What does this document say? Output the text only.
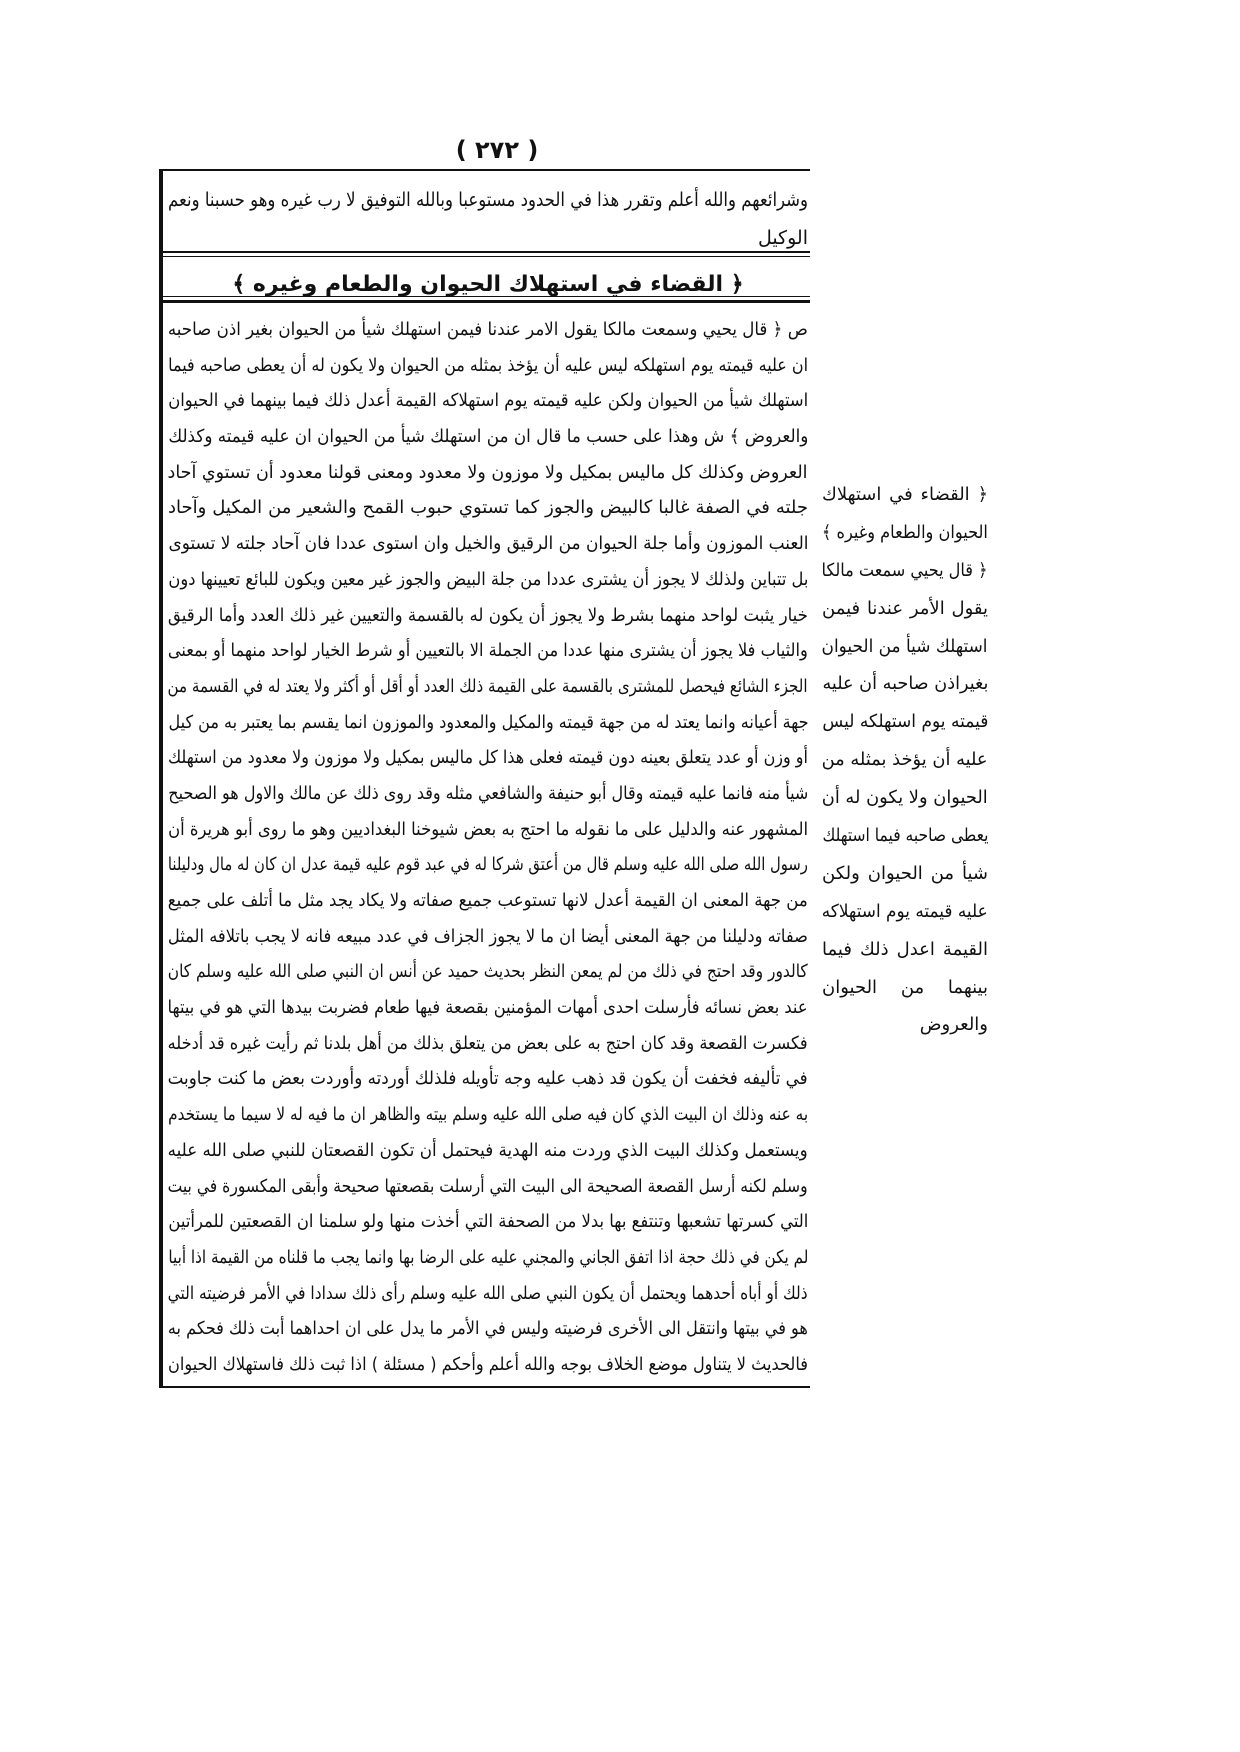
( ٢٧٢ )
وشرائعهم والله أعلم وتقرر هذا في الحدود مستوعبا وبالله التوفيق لا رب غيره وهو حسبنا ونعم
الوكيل
﴿ القضاء في استهلاك الحيوان والطعام وغيره ﴾
ص ﴿ قال يحيي وسمعت مالكا يقول الامر عندنا فيمن استهلك شيأ من الحيوان بغير اذن صاحبه
ان عليه قيمته يوم استهلكه ليس عليه أن يؤخذ بمثله من الحيوان ولا يكون له أن يعطى صاحبه فيما
استهلك شيأ من الحيوان ولكن عليه قيمته يوم استهلاكه القيمة أعدل ذلك فيما بينهما في الحيوان
والعروض ﴾ ش وهذا على حسب ما قال ان من استهلك شيأ من الحيوان ان عليه قيمته وكذلك
العروض وكذلك كل ماليس بمكيل ولا موزون ولا معدود ومعنى قولنا معدود أن تستوي آحاد
جلته في الصفة غالبا كالبيض والجوز كما تستوي حبوب القمح والشعير من المكيل وآحاد
العنب الموزون وأما جلة الحيوان من الرقيق والخيل وان استوى عددا فان آحاد جلته لا تستوى
بل تتباين ولذلك لا يجوز أن يشترى عددا من جلة البيض والجوز غير معين ويكون للبائع تعيينها دون
خيار يثبت لواحد منهما بشرط ولا يجوز أن يكون له بالقسمة والتعيين غير ذلك العدد وأما الرقيق
والثياب فلا يجوز أن يشترى منها عددا من الجملة الا بالتعيين أو شرط الخيار لواحد منهما أو بمعنى
الجزء الشائع فيحصل للمشترى بالقسمة على القيمة ذلك العدد أو أقل أو أكثر ولا يعتد له في القسمة من
جهة أعيانه وانما يعتد له من جهة قيمته والمكيل والمعدود والموزون انما يقسم بما يعتبر به من كيل
أو وزن أو عدد يتعلق بعينه دون قيمته فعلى هذا كل ماليس بمكيل ولا موزون ولا معدود من استهلك
شيأ منه فانما عليه قيمته وقال أبو حنيفة والشافعي مثله وقد روى ذلك عن مالك والاول هو الصحيح
المشهور عنه والدليل على ما نقوله ما احتج به بعض شيوخنا البغداديين وهو ما روى أبو هريرة أن
رسول الله صلى الله عليه وسلم قال من أعتق شركا له في عبد قوم عليه قيمة عدل ان كان له مال ودليلنا
من جهة المعنى ان القيمة أعدل لانها تستوعب جميع صفاته ولا يكاد يجد مثل ما أتلف على جميع
صفاته ودليلنا من جهة المعنى أيضا ان ما لا يجوز الجزاف في عدد مبيعه فانه لا يجب باتلافه المثل
كالدور وقد احتج في ذلك من لم يمعن النظر بحديث حميد عن أنس ان النبي صلى الله عليه وسلم كان
عند بعض نسائه فأرسلت احدى أمهات المؤمنين بقصعة فيها طعام فضربت بيدها التي هو في بيتها
فكسرت القصعة وقد كان احتج به على بعض من يتعلق بذلك من أهل بلدنا ثم رأيت غيره قد أدخله
في تأليفه فخفت أن يكون قد ذهب عليه وجه تأويله فلذلك أوردته وأوردت بعض ما كنت جاوبت
به عنه وذلك ان البيت الذي كان فيه صلى الله عليه وسلم بيته والظاهر ان ما فيه له لا سيما ما يستخدم
ويستعمل وكذلك البيت الذي وردت منه الهدية فيحتمل أن تكون القصعتان للنبي صلى الله عليه
وسلم لكنه أرسل القصعة الصحيحة الى البيت التي أرسلت بقصعتها صحيحة وأبقى المكسورة في بيت
التي كسرتها تشعبها وتنتفع بها بدلا من الصحفة التي أخذت منها ولو سلمنا ان القصعتين للمرأتين
لم يكن في ذلك حجة اذا اتفق الجاني والمجني عليه على الرضا بها وانما يجب ما قلناه من القيمة اذا أبيا
ذلك أو أباه أحدهما ويحتمل أن يكون النبي صلى الله عليه وسلم رأى ذلك سدادا في الأمر فرضيته التي
هو في بيتها وانتقل الى الأخرى فرضيته وليس في الأمر ما يدل على ان احداهما أبت ذلك فحكم به
فالحديث لا يتناول موضع الخلاف بوجه والله أعلم وأحكم ( مسئلة ) اذا ثبت ذلك فاستهلاك الحيوان
﴿ القضاء في استهلاك
الحيوان والطعام وغيره ﴾
﴿ قال يحيي سمعت مالكا
يقول الأمر عندنا فيمن
استهلك شيأ من الحيوان
بغيراذن صاحبه أن عليه
قيمته يوم استهلكه ليس
عليه أن يؤخذ بمثله من
الحيوان ولا يكون له أن
يعطى صاحبه فيما استهلك
شيأ من الحيوان ولكن
عليه قيمته يوم استهلاكه
القيمة اعدل ذلك فيما
بينهما من الحيوان
والعروض
